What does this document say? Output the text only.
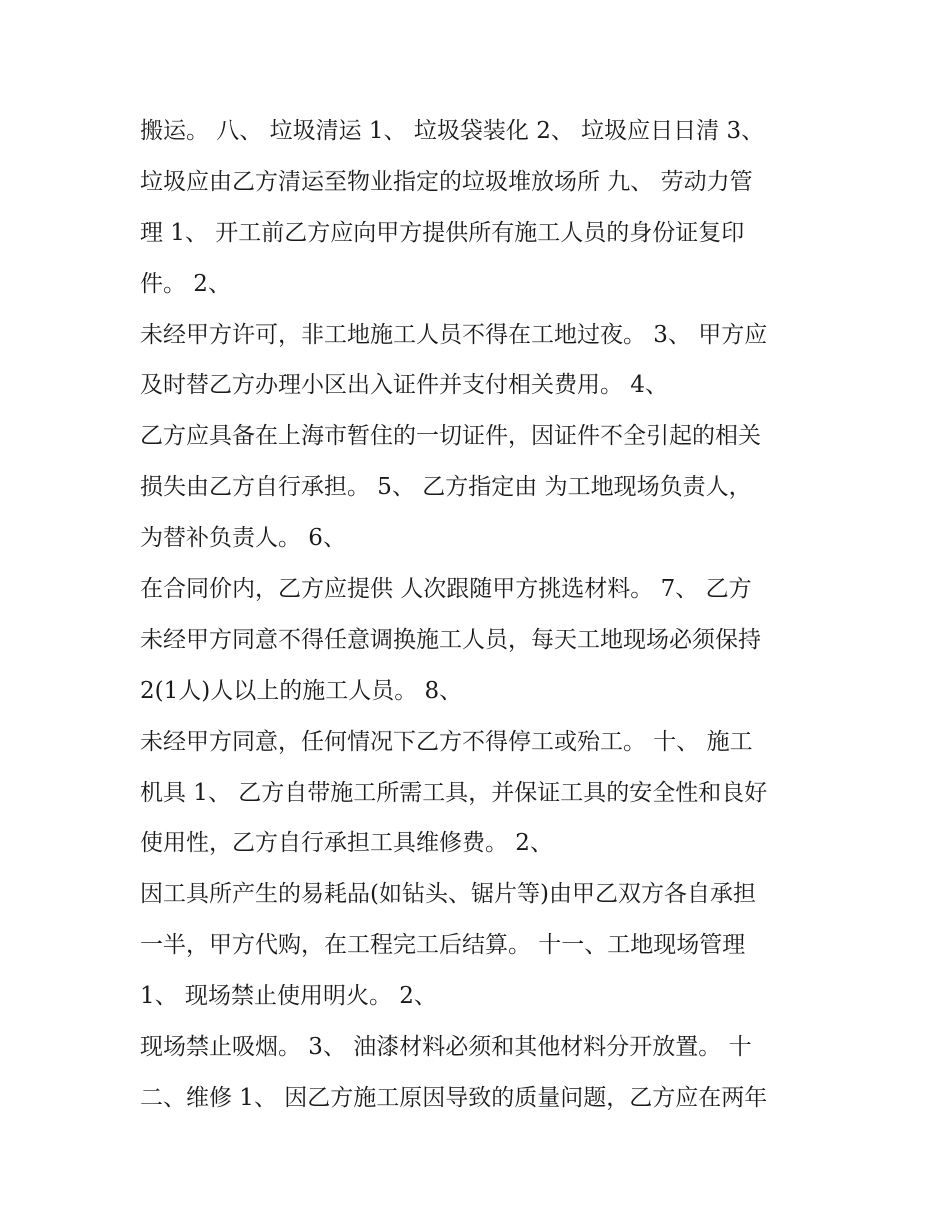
搬运。 八、 垃圾清运 1、 垃圾袋装化 2、 垃圾应日日清 3、
垃圾应由乙方清运至物业指定的垃圾堆放场所 九、 劳动力管
理 1、 开工前乙方应向甲方提供所有施工人员的身份证复印
件。 2、
未经甲方许可，非工地施工人员不得在工地过夜。 3、 甲方应
及时替乙方办理小区出入证件并支付相关费用。 4、
乙方应具备在上海市暂住的一切证件，因证件不全引起的相关
损失由乙方自行承担。 5、 乙方指定由 为工地现场负责人，
为替补负责人。 6、
在合同价内，乙方应提供 人次跟随甲方挑选材料。 7、 乙方
未经甲方同意不得任意调换施工人员，每天工地现场必须保持
2(1人)人以上的施工人员。 8、
未经甲方同意，任何情况下乙方不得停工或殆工。 十、 施工
机具 1、 乙方自带施工所需工具，并保证工具的安全性和良好
使用性，乙方自行承担工具维修费。 2、
因工具所产生的易耗品(如钻头、锯片等)由甲乙双方各自承担
一半，甲方代购，在工程完工后结算。 十一、工地现场管理
1、 现场禁止使用明火。 2、
现场禁止吸烟。 3、 油漆材料必须和其他材料分开放置。 十
二、维修 1、 因乙方施工原因导致的质量问题，乙方应在两年
